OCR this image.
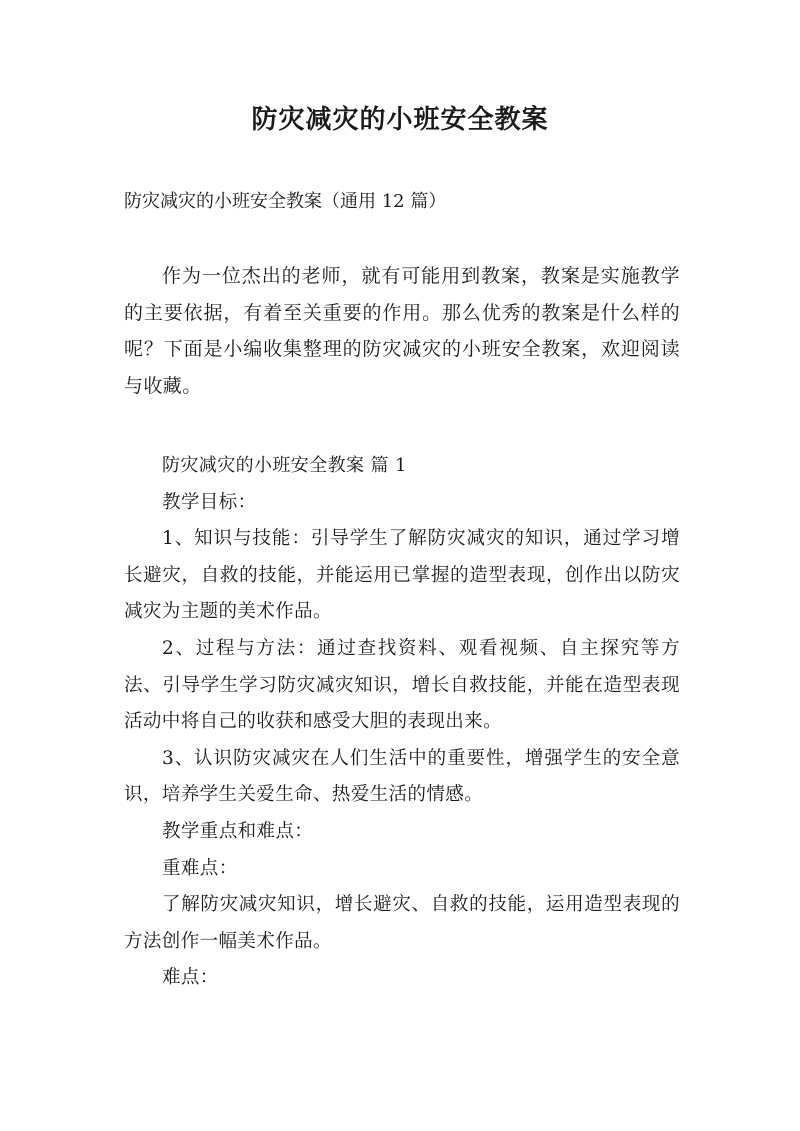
防灾减灾的小班安全教案

防灾减灾的小班安全教案（通用 12 篇）

作为一位杰出的老师，就有可能用到教案，教案是实施教学的主要依据，有着至关重要的作用。那么优秀的教案是什么样的呢？下面是小编收集整理的防灾减灾的小班安全教案，欢迎阅读与收藏。

防灾减灾的小班安全教案 篇 1

教学目标：

1、知识与技能：引导学生了解防灾减灾的知识，通过学习增长避灾，自救的技能，并能运用已掌握的造型表现，创作出以防灾减灾为主题的美术作品。

2、过程与方法：通过查找资料、观看视频、自主探究等方法、引导学生学习防灾减灾知识，增长自救技能，并能在造型表现活动中将自己的收获和感受大胆的表现出来。

3、认识防灾减灾在人们生活中的重要性，增强学生的安全意识，培养学生关爱生命、热爱生活的情感。

教学重点和难点：

重难点：

了解防灾减灾知识，增长避灾、自救的技能，运用造型表现的方法创作一幅美术作品。

难点：
